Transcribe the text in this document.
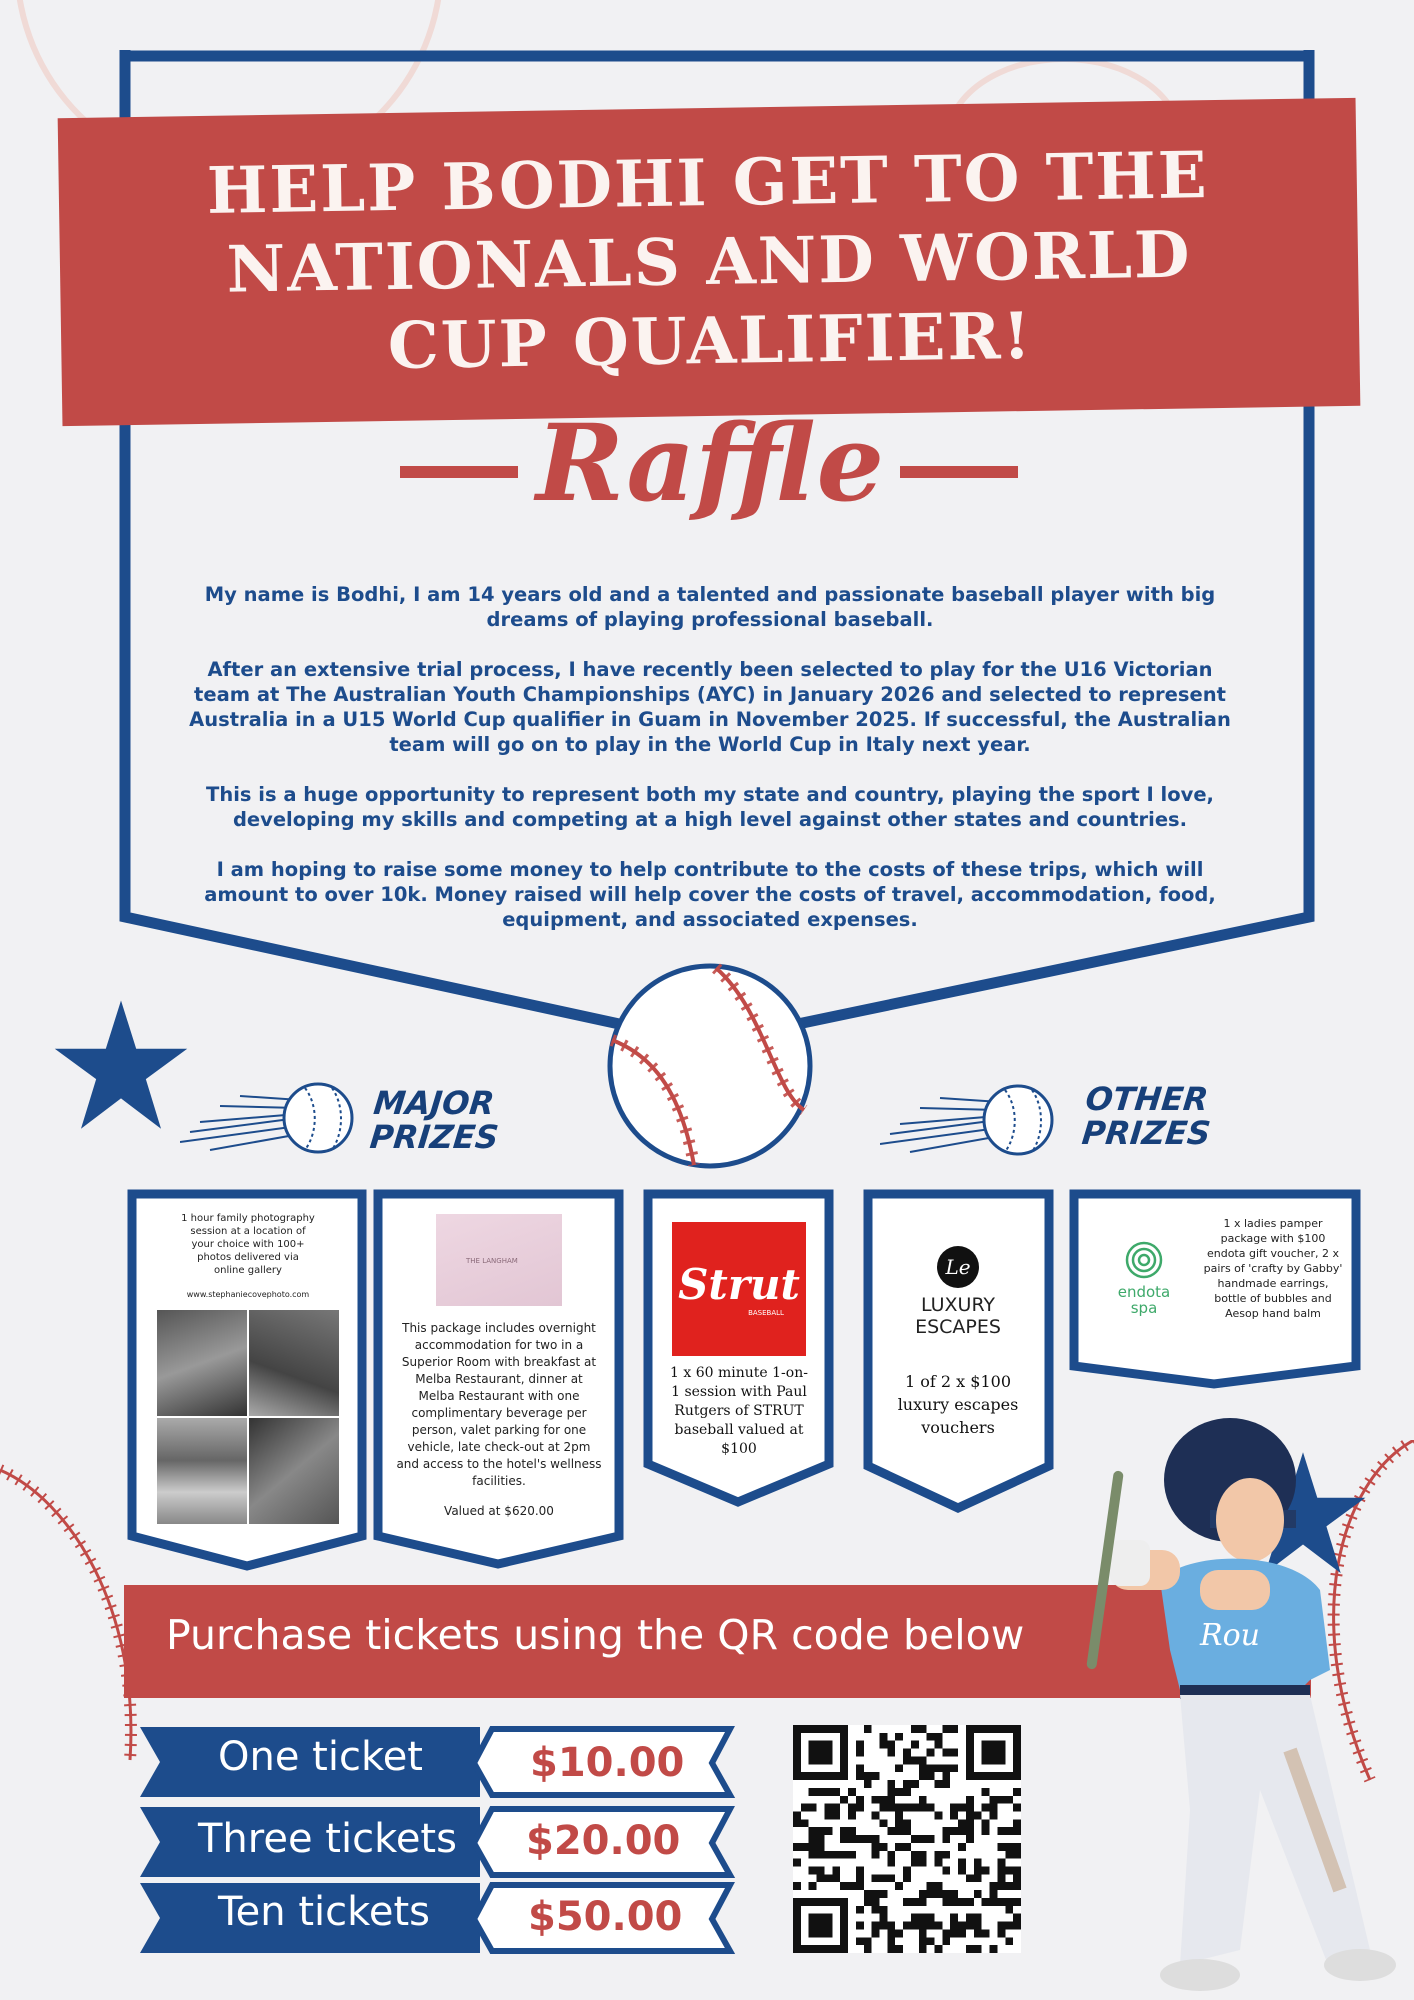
HELP BODHI GET TO THE NATIONALS AND WORLD CUP QUALIFIER!
Raffle

My name is Bodhi, I am 14 years old and a talented and passionate baseball player with big dreams of playing professional baseball.

After an extensive trial process, I have recently been selected to play for the U16 Victorian team at The Australian Youth Championships (AYC) in January 2026 and selected to represent Australia in a U15 World Cup qualifier in Guam in November 2025. If successful, the Australian team will go on to play in the World Cup in Italy next year.

This is a huge opportunity to represent both my state and country, playing the sport I love, developing my skills and competing at a high level against other states and countries.

I am hoping to raise some money to help contribute to the costs of these trips, which will amount to over 10k. Money raised will help cover the costs of travel, accommodation, food, equipment, and associated expenses.

MAJOR
PRIZES
OTHER
PRIZES
1 hour family photography session at a location of your choice with 100+ photos delivered via online gallery
www.stephaniecovephoto.com
THE LANGHAM
This package includes overnight accommodation for two in a Superior Room with breakfast at Melba Restaurant, dinner at Melba Restaurant with one complimentary beverage per person, valet parking for one vehicle, late check-out at 2pm and access to the hotel's wellness facilities.
Valued at $620.00
Strut
BASEBALL
1 x 60 minute 1-on-1 session with Paul Rutgers of STRUT baseball valued at $100
Le
LUXURY
ESCAPES
1 of 2 x $100 luxury escapes vouchers
endota
spa
1 x ladies pamper package with $100 endota gift voucher, 2 x pairs of 'crafty by Gabby' handmade earrings, bottle of bubbles and Aesop hand balm
Purchase tickets using the QR code below
One ticket
Three tickets
Ten tickets
$10.00
$20.00
$50.00
Rou
